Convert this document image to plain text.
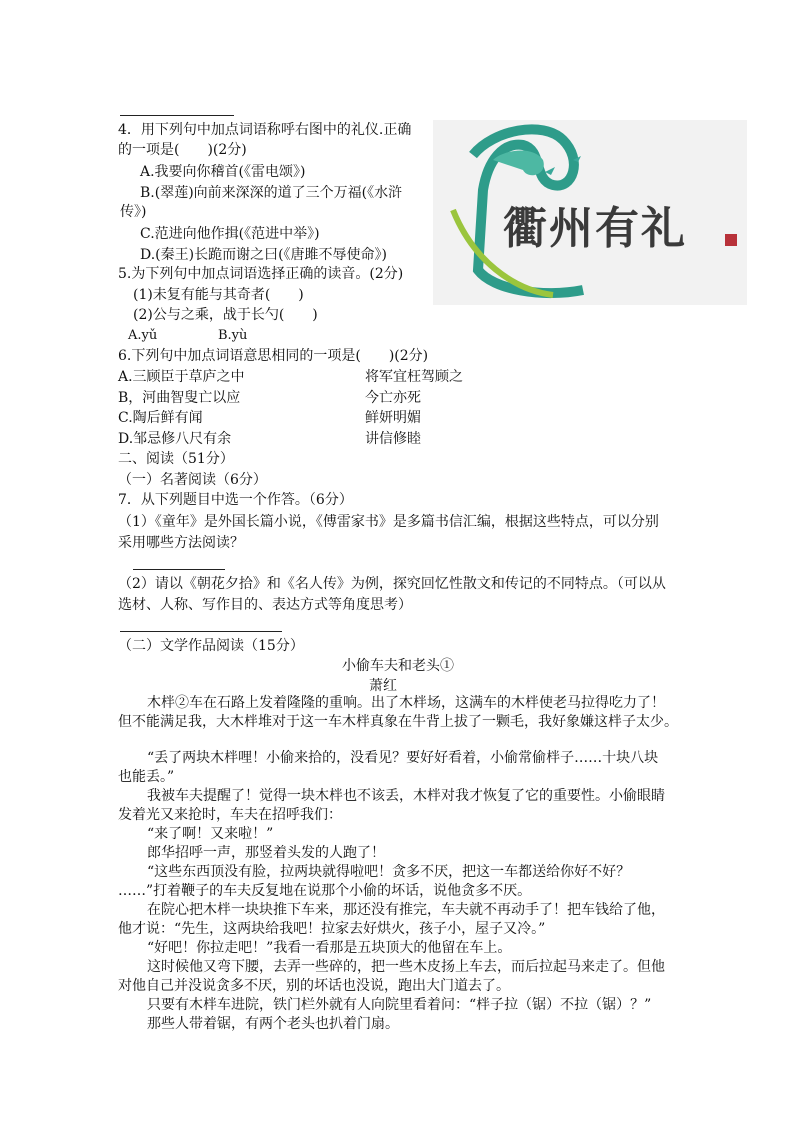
4．用下列句中加点词语称呼右图中的礼仪.正确
的一项是(　　)(2分)
A.我要向你稽首(《雷电颂》)
B.(翠莲)向前来深深的道了三个万福(《水浒
传》)
C.范进向他作揖(《范进中举》)
D.(秦王)长跪而谢之曰(《唐雎不辱使命》)
衢州有礼
5.为下列句中加点词语选择正确的读音。(2分)
(1)未复有能与其奇者(　　)
(2)公与之乘，战于长勺(　　)
A.yǔ	B.yù
6.下列句中加点词语意思相同的一项是(　　)(2分)
A.三顾臣于草庐之中	将军宜枉驾顾之
B，河曲智叟亡以应	今亡亦死
C.陶后鲜有闻	鲜妍明媚
D.邹忌修八尺有余	讲信修睦
二、阅读（51分）
（一）名著阅读（6分）
7．从下列题目中选一个作答。（6分）
（1）《童年》是外国长篇小说，《傅雷家书》是多篇书信汇编，根据这些特点，可以分别
采用哪些方法阅读？
（2）请以《朝花夕拾》和《名人传》为例，探究回忆性散文和传记的不同特点。（可以从
选材、人称、写作目的、表达方式等角度思考）
（二）文学作品阅读（15分）
小偷车夫和老头①
萧红
木柈②车在石路上发着隆隆的重响。出了木柈场，这满车的木柈使老马拉得吃力了！
但不能满足我，大木柈堆对于这一车木柈真象在牛背上拔了一颗毛，我好象嫌这柈子太少。
“丢了两块木柈哩！小偷来拾的，没看见？要好好看着，小偷常偷柈子……十块八块
也能丢。”
我被车夫提醒了！觉得一块木柈也不该丢，木柈对我才恢复了它的重要性。小偷眼睛
发着光又来抢时，车夫在招呼我们：
“来了啊！又来啦！”
郎华招呼一声，那竖着头发的人跑了！
“这些东西顶没有脸，拉两块就得啦吧！贪多不厌，把这一车都送给你好不好？
……”打着鞭子的车夫反复地在说那个小偷的坏话，说他贪多不厌。
在院心把木柈一块块推下车来，那还没有推完，车夫就不再动手了！把车钱给了他，
他才说：“先生，这两块给我吧！拉家去好烘火，孩子小，屋子又冷。”
“好吧！你拉走吧！”我看一看那是五块顶大的他留在车上。
这时候他又弯下腰，去弄一些碎的，把一些木皮扬上车去，而后拉起马来走了。但他
对他自己并没说贪多不厌，别的坏话也没说，跑出大门道去了。
只要有木柈车进院，铁门栏外就有人向院里看着问：“柈子拉（锯）不拉（锯）？”
那些人带着锯，有两个老头也扒着门扇。
